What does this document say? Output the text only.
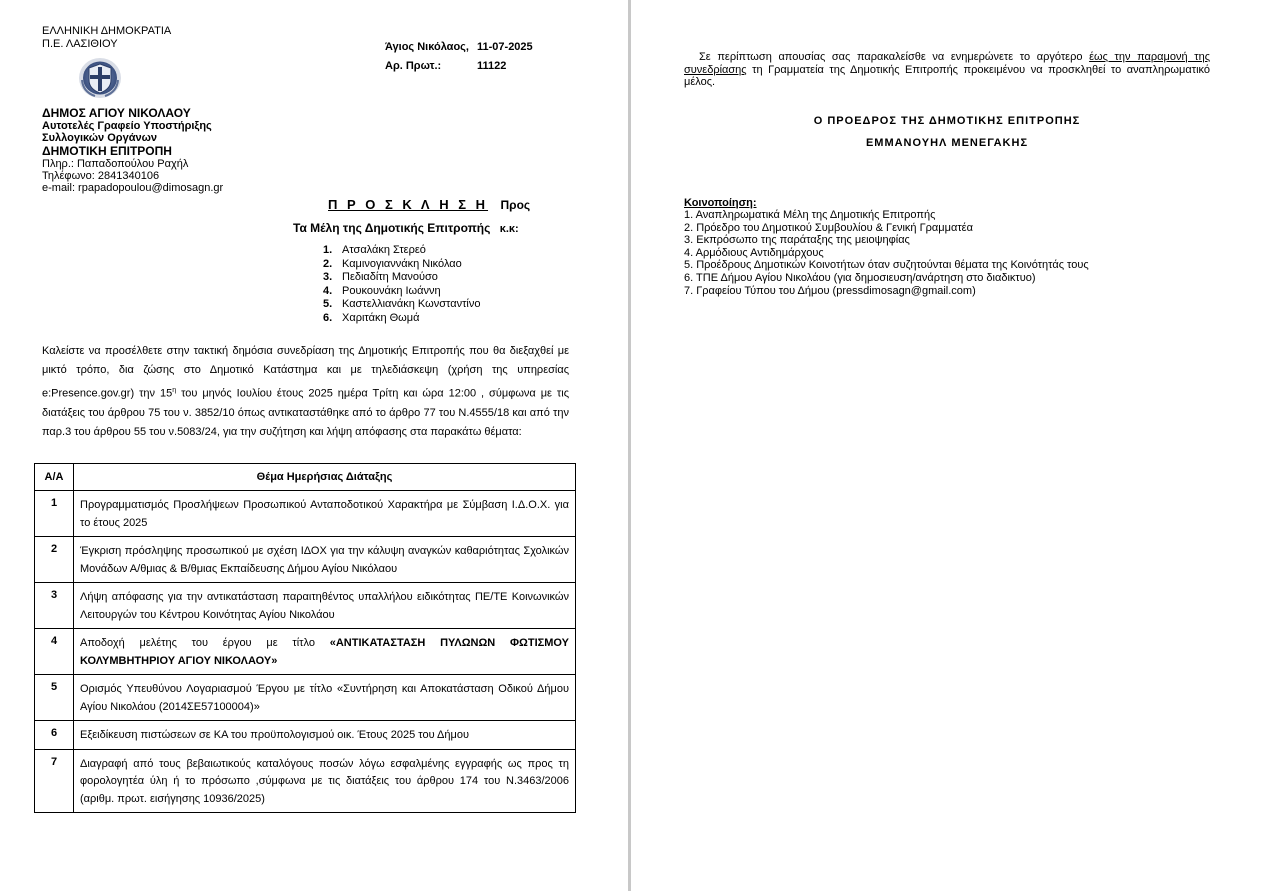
ΕΛΛΗΝΙΚΗ ΔΗΜΟΚΡΑΤΙΑ
Π.Ε. ΛΑΣΙΘΙΟΥ
ΔΗΜΟΣ ΑΓΙΟΥ ΝΙΚΟΛΑΟΥ
Αυτοτελές Γραφείο Υποστήριξης
Συλλογικών Οργάνων
ΔΗΜΟΤΙΚΗ ΕΠΙΤΡΟΠΗ
Πληρ.: Παπαδοπούλου Ραχήλ
Τηλέφωνο: 2841340106
e-mail: rpapadopoulou@dimosagn.gr
Άγιος Νικόλαος, 11-07-2025
Αρ. Πρωτ.:	11122
Π Ρ Ο Σ Κ Λ Η Σ Η Προς
Τα Μέλη της Δημοτικής Επιτροπής κ.κ:
1. Ατσαλάκη Στερεό
2. Καμινογιαννάκη Νικόλαο
3. Πεδιαδίτη Μανούσο
4. Ρουκουνάκη Ιωάννη
5. Καστελλιανάκη Κωνσταντίνο
6. Χαριτάκη Θωμά
Καλείστε να προσέλθετε στην τακτική δημόσια συνεδρίαση της Δημοτικής Επιτροπής που θα διεξαχθεί με μικτό τρόπο, δια ζώσης στο Δημοτικό Κατάστημα και με τηλεδιάσκεψη (χρήση της υπηρεσίας e:Presence.gov.gr) την $15^\eta$ του μηνός Ιουλίου έτους 2025 ημέρα Τρίτη και ώρα 12:00 , σύμφωνα με τις διατάξεις του άρθρου 75 του ν. 3852/10 όπως αντικαταστάθηκε από το άρθρο 77 του Ν.4555/18 και από την παρ.3 του άρθρου 55 του ν.5083/24, για την συζήτηση και λήψη απόφασης στα παρακάτω θέματα:
Α/Α	Θέμα Ημερήσιας Διάταξης
1	Προγραμματισμός Προσλήψεων Προσωπικού Ανταποδοτικού Χαρακτήρα με Σύμβαση Ι.Δ.Ο.Χ. για το έτους 2025
2	Έγκριση πρόσληψης προσωπικού με σχέση ΙΔΟΧ για την κάλυψη αναγκών καθαριότητας Σχολικών Μονάδων Α/θμιας & Β/θμιας Εκπαίδευσης Δήμου Αγίου Νικόλαου
3	Λήψη απόφασης για την αντικατάσταση παραιτηθέντος υπαλλήλου ειδικότητας ΠΕ/ΤΕ Κοινωνικών Λειτουργών του Κέντρου Κοινότητας Αγίου Νικολάου
4	Αποδοχή μελέτης του έργου με τίτλο «ΑΝΤΙΚΑΤΑΣΤΑΣΗ ΠΥΛΩΝΩΝ ΦΩΤΙΣΜΟΥ ΚΟΛΥΜΒΗΤΗΡΙΟΥ ΑΓΙΟΥ ΝΙΚΟΛΑΟΥ»
5	Ορισμός Υπευθύνου Λογαριασμού Έργου με τίτλο «Συντήρηση και Αποκατάσταση Οδικού Δήμου Αγίου Νικολάου (2014ΣΕ57100004)»
6	Εξειδίκευση πιστώσεων σε ΚΑ του προϋπολογισμού οικ. Έτους 2025 του Δήμου
7	Διαγραφή από τους βεβαιωτικούς καταλόγους ποσών λόγω εσφαλμένης εγγραφής ως προς τη φορολογητέα ύλη ή το πρόσωπο ,σύμφωνα με τις διατάξεις του άρθρου 174 του Ν.3463/2006 (αριθμ. πρωτ. εισήγησης 10936/2025)
Σε περίπτωση απουσίας σας παρακαλείσθε να ενημερώνετε το αργότερο έως την παραμονή της συνεδρίασης τη Γραμματεία της Δημοτικής Επιτροπής προκειμένου να προσκληθεί το αναπληρωματικό μέλος.
Ο ΠΡΟΕΔΡΟΣ ΤΗΣ ΔΗΜΟΤΙΚΗΣ ΕΠΙΤΡΟΠΗΣ
ΕΜΜΑΝΟΥΗΛ ΜΕΝΕΓΑΚΗΣ
Κοινοποίηση:
1. Αναπληρωματικά Μέλη της Δημοτικής Επιτροπής
2. Πρόεδρο του Δημοτικού Συμβουλίου & Γενική Γραμματέα
3. Εκπρόσωπο της παράταξης της μειοψηφίας
4. Αρμόδιους Αντιδημάρχους
5. Προέδρους Δημοτικών Κοινοτήτων όταν συζητούνται θέματα της Κοινότητάς τους
6. ΤΠΕ Δήμου Αγίου Νικολάου (για δημοσιευση/ανάρτηση στο διαδικτυο)
7. Γραφείου Τύπου του Δήμου (pressdimosagn@gmail.com)
